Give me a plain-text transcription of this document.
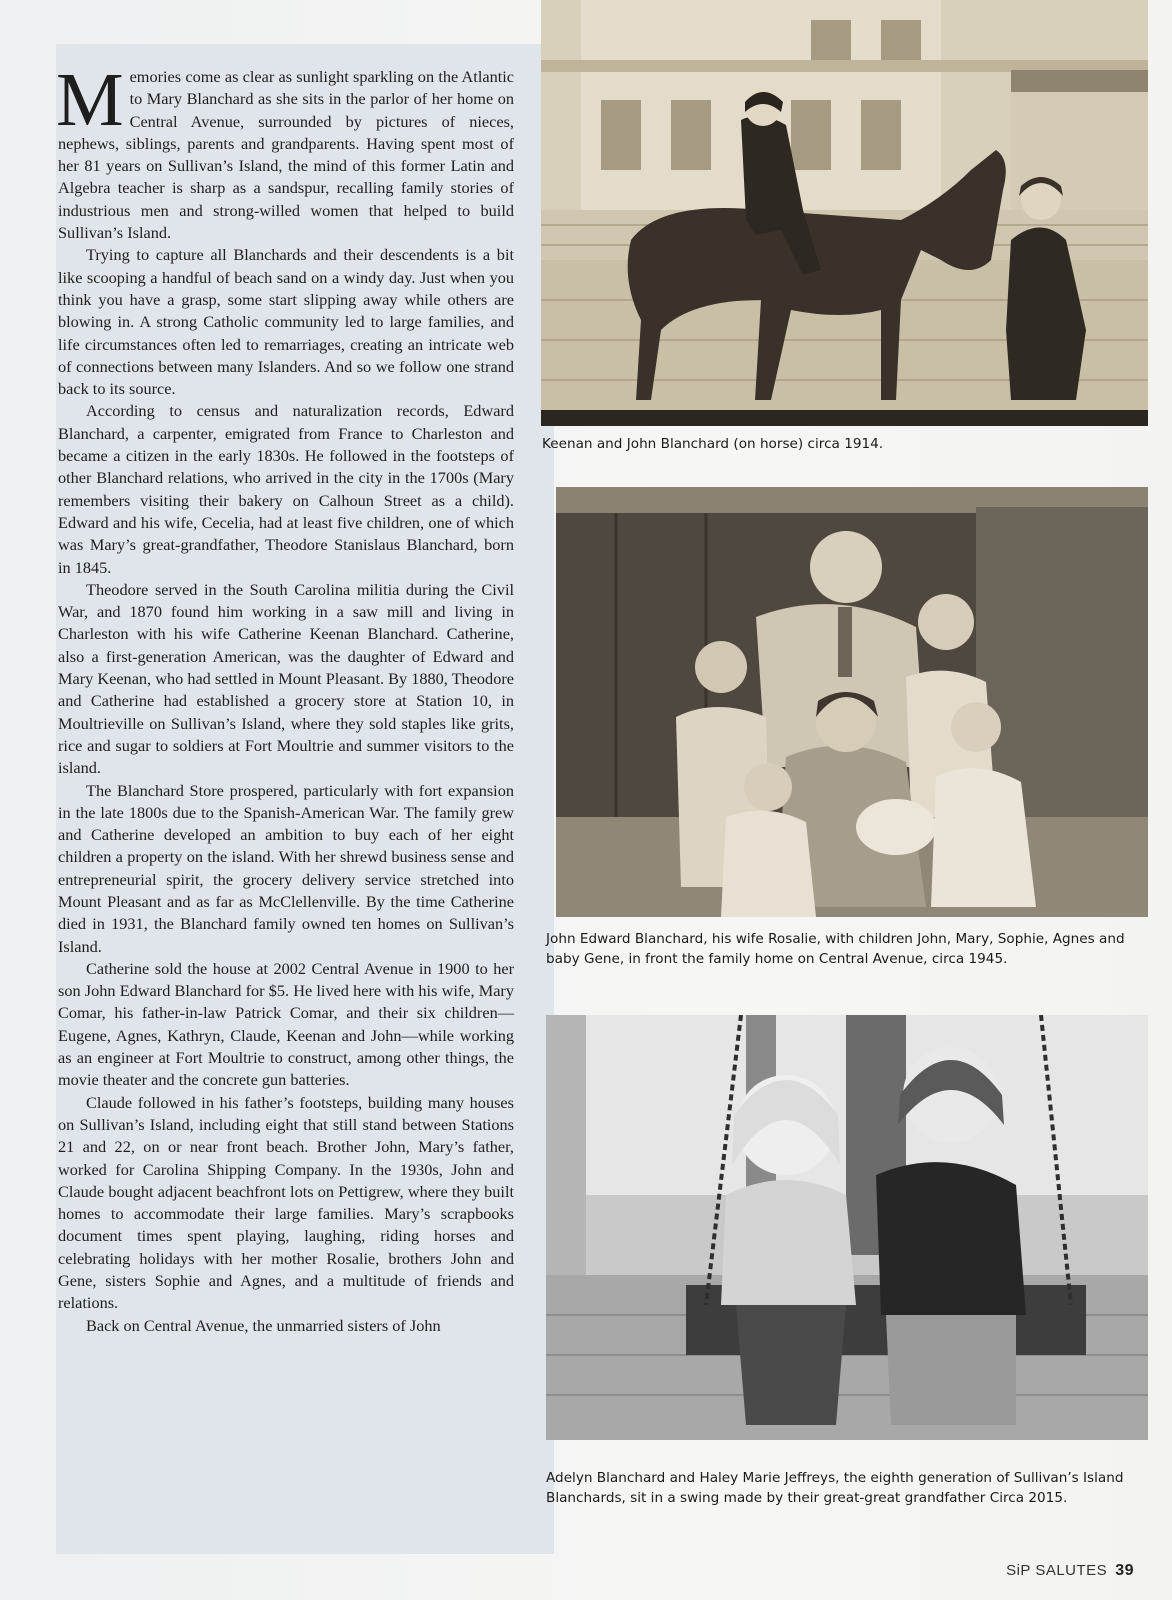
Memories come as clear as sunlight sparkling on the Atlantic to Mary Blanchard as she sits in the parlor of her home on Central Avenue, surrounded by pictures of nieces, nephews, siblings, parents and grandparents. Having spent most of her 81 years on Sullivan’s Island, the mind of this former Latin and Algebra teacher is sharp as a sandspur, recalling family stories of industrious men and strong-willed women that helped to build Sullivan’s Island.

Trying to capture all Blanchards and their descendents is a bit like scooping a handful of beach sand on a windy day. Just when you think you have a grasp, some start slipping away while others are blowing in. A strong Catholic community led to large families, and life circumstances often led to remarriages, creating an intricate web of connections between many Islanders. And so we follow one strand back to its source.

According to census and naturalization records, Edward Blanchard, a carpenter, emigrated from France to Charleston and became a citizen in the early 1830s. He followed in the footsteps of other Blanchard relations, who arrived in the city in the 1700s (Mary remembers visiting their bakery on Calhoun Street as a child). Edward and his wife, Cecelia, had at least five children, one of which was Mary’s great-grandfather, Theodore Stanislaus Blanchard, born in 1845.

Theodore served in the South Carolina militia during the Civil War, and 1870 found him working in a saw mill and living in Charleston with his wife Catherine Keenan Blanchard. Catherine, also a first-generation American, was the daughter of Edward and Mary Keenan, who had settled in Mount Pleasant. By 1880, Theodore and Catherine had established a grocery store at Station 10, in Moultrieville on Sullivan’s Island, where they sold staples like grits, rice and sugar to soldiers at Fort Moultrie and summer visitors to the island.

The Blanchard Store prospered, particularly with fort expansion in the late 1800s due to the Spanish-American War. The family grew and Catherine developed an ambition to buy each of her eight children a property on the island. With her shrewd business sense and entrepreneurial spirit, the grocery delivery service stretched into Mount Pleasant and as far as McClellenville. By the time Catherine died in 1931, the Blanchard family owned ten homes on Sullivan’s Island.

Catherine sold the house at 2002 Central Avenue in 1900 to her son John Edward Blanchard for $5. He lived here with his wife, Mary Comar, his father-in-law Patrick Comar, and their six children—Eugene, Agnes, Kathryn, Claude, Keenan and John—while working as an engineer at Fort Moultrie to construct, among other things, the movie theater and the concrete gun batteries.

Claude followed in his father’s footsteps, building many houses on Sullivan’s Island, including eight that still stand between Stations 21 and 22, on or near front beach. Brother John, Mary’s father, worked for Carolina Shipping Company. In the 1930s, John and Claude bought adjacent beachfront lots on Pettigrew, where they built homes to accommodate their large families. Mary’s scrapbooks document times spent playing, laughing, riding horses and celebrating holidays with her mother Rosalie, brothers John and Gene, sisters Sophie and Agnes, and a multitude of friends and relations.

Back on Central Avenue, the unmarried sisters of John

Keenan and John Blanchard (on horse) circa 1914.
John Edward Blanchard, his wife Rosalie, with children John, Mary, Sophie, Agnes and baby Gene, in front the family home on Central Avenue, circa 1945.
Adelyn Blanchard and Haley Marie Jeffreys, the eighth generation of Sullivan’s Island Blanchards, sit in a swing made by their great-great grandfather Circa 2015.
SiP SALUTES 39
